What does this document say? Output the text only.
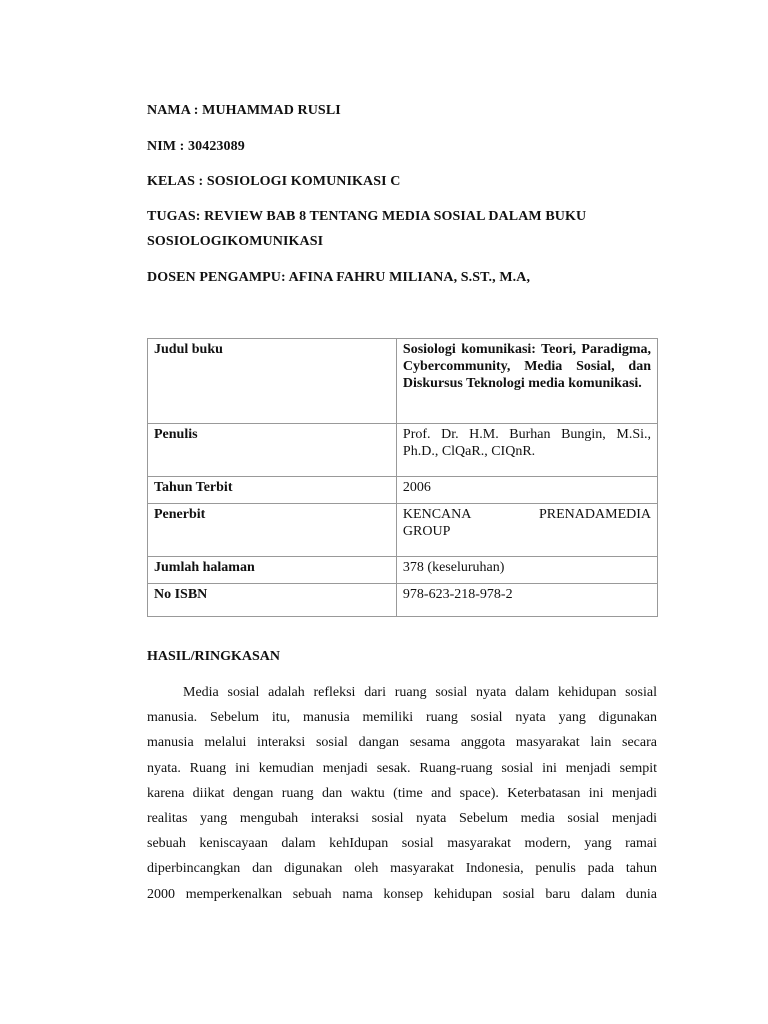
NAMA : MUHAMMAD RUSLI
NIM : 30423089
KELAS : SOSIOLOGI KOMUNIKASI C
TUGAS: REVIEW BAB 8 TENTANG MEDIA SOSIAL DALAM BUKU
SOSIOLOGIKOMUNIKASI
DOSEN PENGAMPU: AFINA FAHRU MILIANA, S.ST., M.A,
Judul buku	Sosiologi komunikasi: Teori, Paradigma, Cybercommunity, Media Sosial, dan Diskursus Teknologi media komunikasi.
Penulis	Prof. Dr. H.M. Burhan Bungin, M.Si., Ph.D., ClQaR., CIQnR.
Tahun Terbit	2006
Penerbit	KENCANA PRENADAMEDIA
GROUP

Jumlah halaman	378 (keseluruhan)
No ISBN	978-623-218-978-2
HASIL/RINGKASAN
Media sosial adalah refleksi dari ruang sosial nyata dalam kehidupan sosial
manusia. Sebelum itu, manusia memiliki ruang sosial nyata yang digunakan
manusia melalui interaksi sosial dangan sesama anggota masyarakat lain secara
nyata. Ruang ini kemudian menjadi sesak. Ruang-ruang sosial ini menjadi sempit
karena diikat dengan ruang dan waktu (time and space). Keterbatasan ini menjadi
realitas yang mengubah interaksi sosial nyata Sebelum media sosial menjadi
sebuah keniscayaan dalam kehIdupan sosial masyarakat modern, yang ramai
diperbincangkan dan digunakan oleh masyarakat Indonesia, penulis pada tahun
2000 memperkenalkan sebuah nama konsep kehidupan sosial baru dalam dunia
